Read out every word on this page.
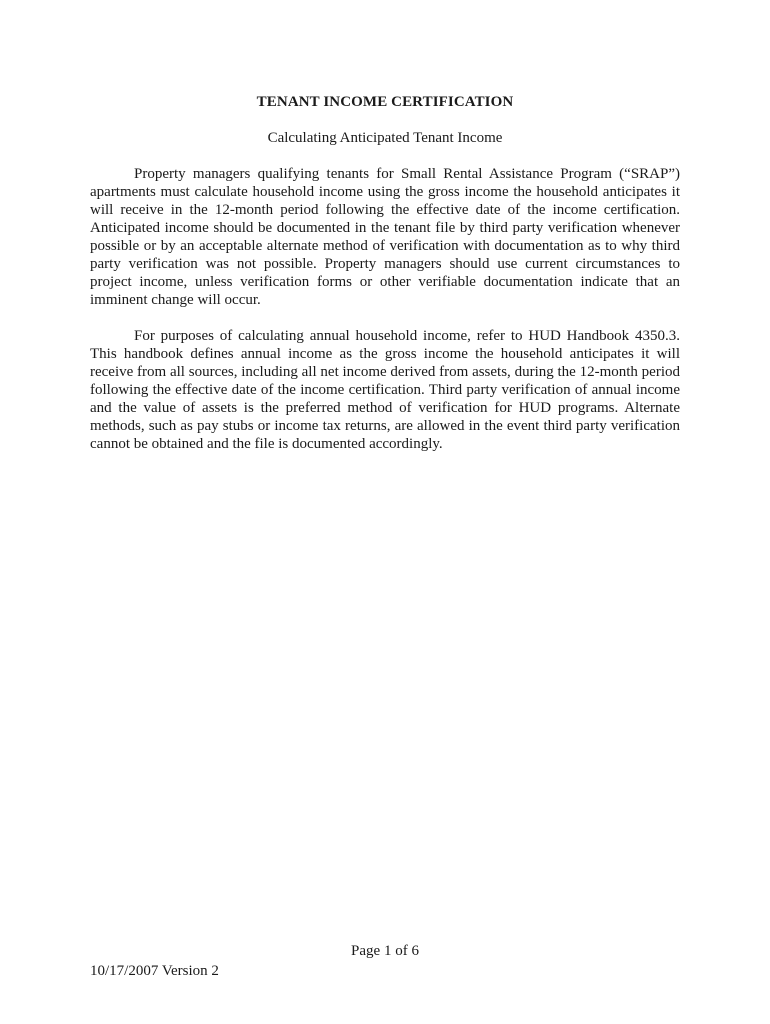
TENANT INCOME CERTIFICATION
Calculating Anticipated Tenant Income

Property managers qualifying tenants for Small Rental Assistance Program (“SRAP”) apartments must calculate household income using the gross income the household anticipates it will receive in the 12-month period following the effective date of the income certification. Anticipated income should be documented in the tenant file by third party verification whenever possible or by an acceptable alternate method of verification with documentation as to why third party verification was not possible. Property managers should use current circumstances to project income, unless verification forms or other verifiable documentation indicate that an imminent change will occur.

For purposes of calculating annual household income, refer to HUD Handbook 4350.3. This handbook defines annual income as the gross income the household anticipates it will receive from all sources, including all net income derived from assets, during the 12-month period following the effective date of the income certification. Third party verification of annual income and the value of assets is the preferred method of verification for HUD programs. Alternate methods, such as pay stubs or income tax returns, are allowed in the event third party verification cannot be obtained and the file is documented accordingly.

Page 1 of 6
10/17/2007 Version 2
